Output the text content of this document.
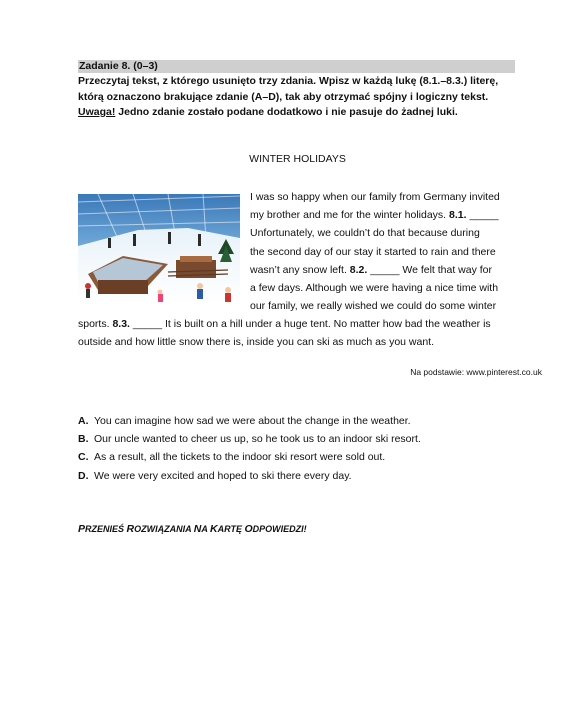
Zadanie 8. (0–3)
Przeczytaj tekst, z którego usunięto trzy zdania. Wpisz w każdą lukę (8.1.–8.3.) literę,
którą oznaczono brakujące zdanie (A–D), tak aby otrzymać spójny i logiczny tekst.
Uwaga! Jedno zdanie zostało podane dodatkowo i nie pasuje do żadnej luki.
WINTER HOLIDAYS
I was so happy when our family from Germany invited
my brother and me for the winter holidays. 8.1. _____
Unfortunately, we couldn’t do that because during
the second day of our stay it started to rain and there
wasn’t any snow left. 8.2. _____ We felt that way for
a few days. Although we were having a nice time with
our family, we really wished we could do some winter
sports. 8.3. _____ It is built on a hill under a huge tent. No matter how bad the weather is
outside and how little snow there is, inside you can ski as much as you want.
Na podstawie: www.pinterest.co.uk
A. You can imagine how sad we were about the change in the weather.
B. Our uncle wanted to cheer us up, so he took us to an indoor ski resort.
C. As a result, all the tickets to the indoor ski resort were sold out.
D. We were very excited and hoped to ski there every day.
PRZENIEŚ ROZWIĄZANIA NA KARTĘ ODPOWIEDZI!
